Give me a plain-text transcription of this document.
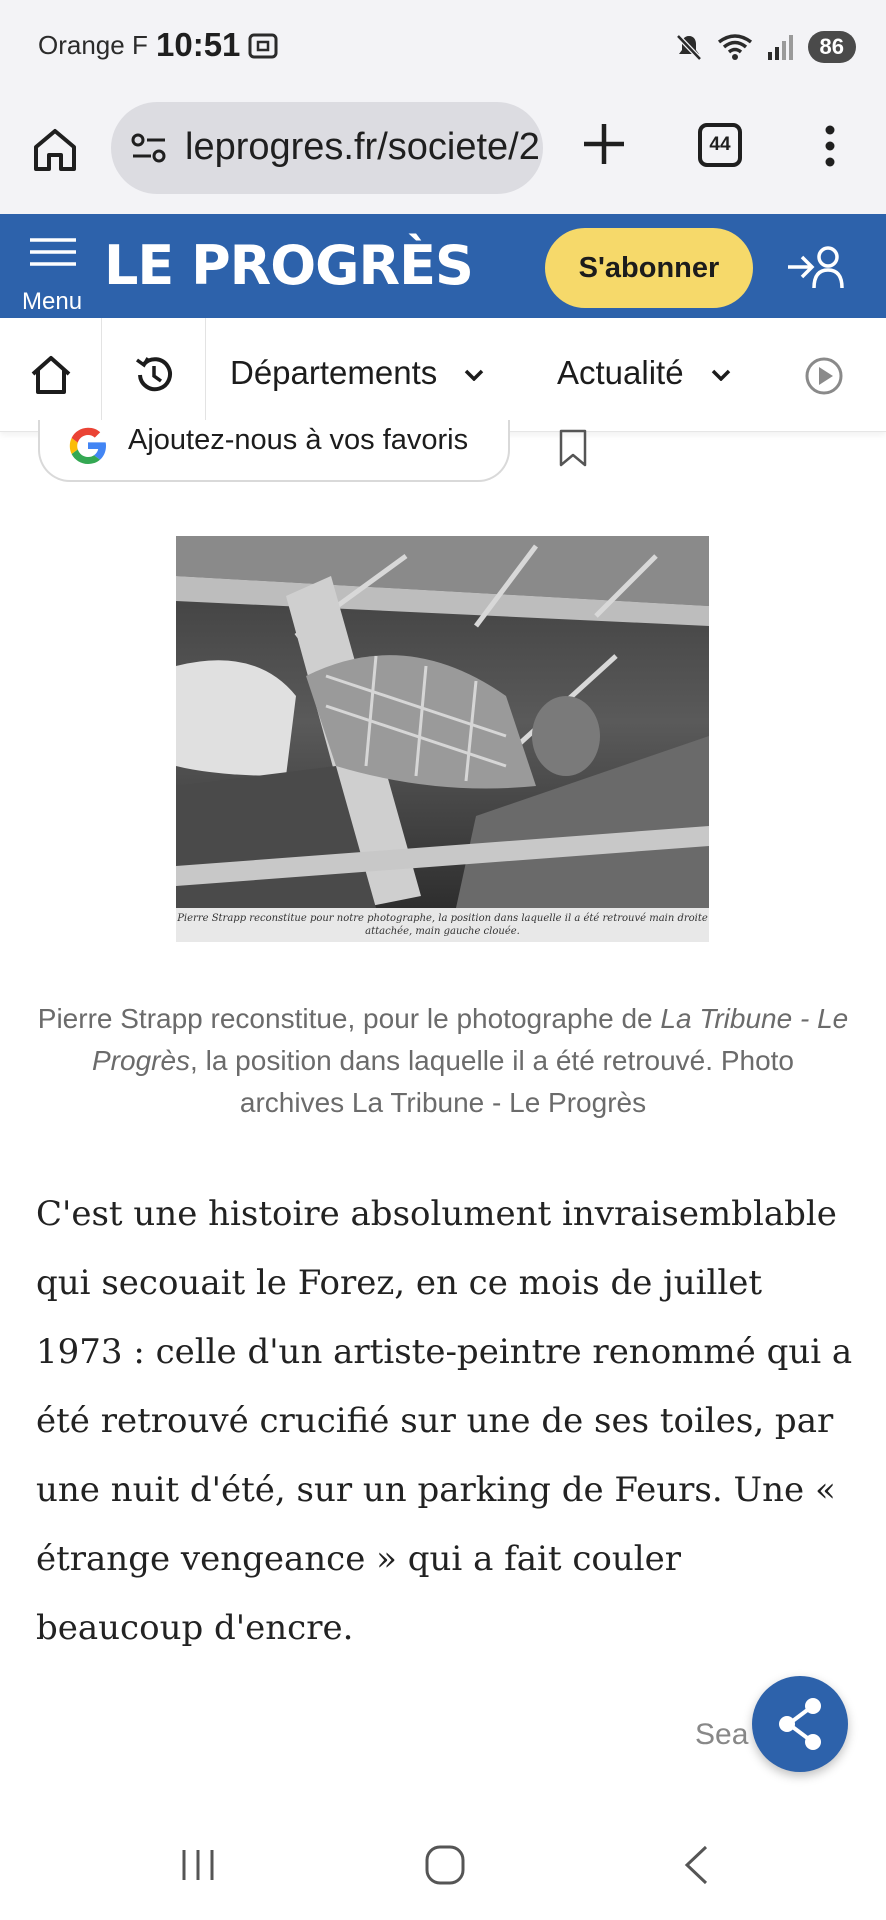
Orange F 10:51	86
leprogres.fr/societe/2	44
Menu
LE PROGRÈS	S'abonner
Départements	Actualité
Ajoutez-nous à vos favoris
Pierre Strapp reconstitue pour notre photographe, la position dans laquelle il a été retrouvé main droite attachée, main gauche clouée.
Pierre Strapp reconstitue, pour le photographe de La Tribune - Le Progrès, la position dans laquelle il a été retrouvé. Photo archives La Tribune - Le Progrès
C'est une histoire absolument invraisemblable qui secouait le Forez, en ce mois de juillet 1973 : celle d'un artiste-peintre renommé qui a été retrouvé crucifié sur une de ses toiles, par une nuit d'été, sur un parking de Feurs. Une « étrange vengeance » qui a fait couler beaucoup d'encre.
Sea
